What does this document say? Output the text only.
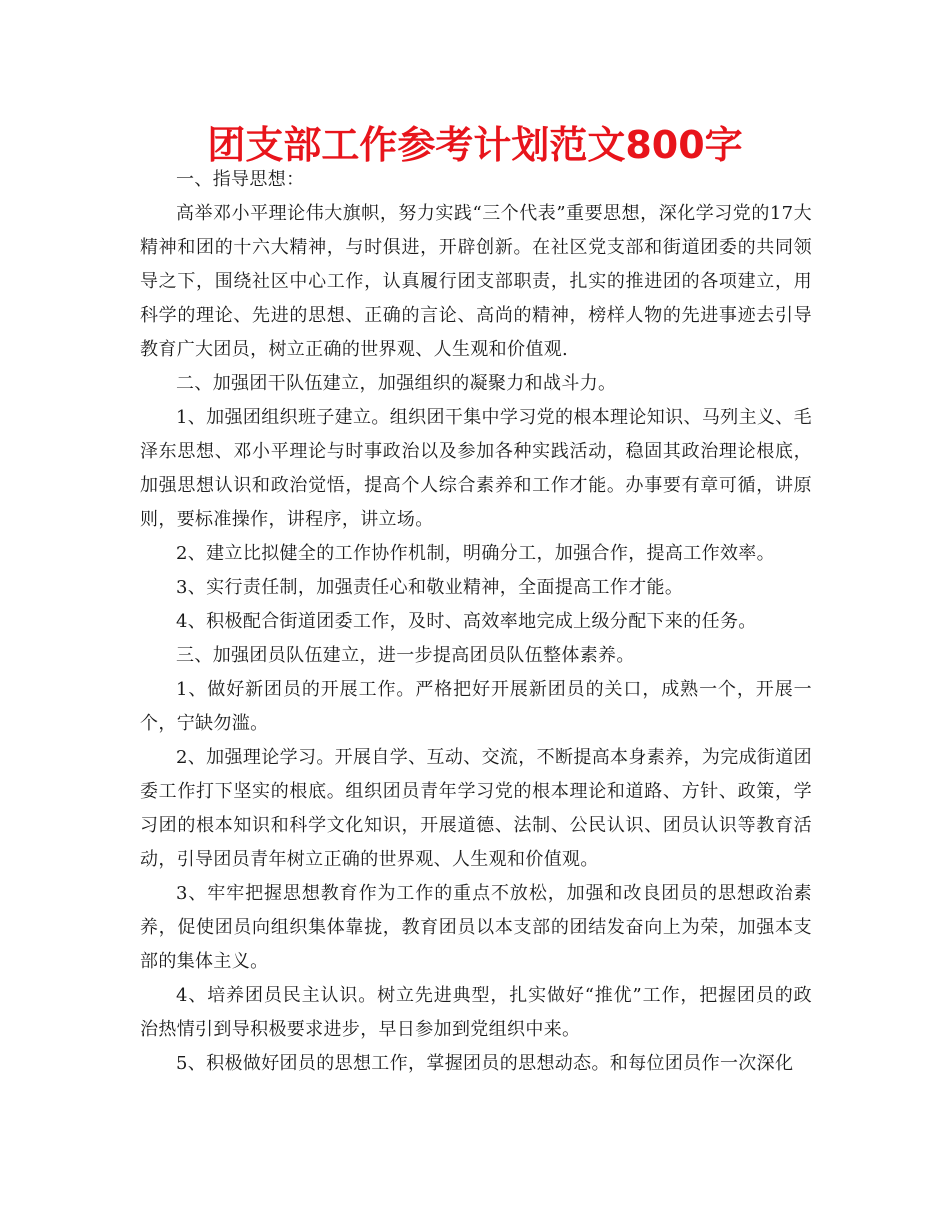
团支部工作参考计划范文800字

一、指导思想：

高举邓小平理论伟大旗帜，努力实践“三个代表”重要思想，深化学习党的17大精神和团的十六大精神，与时俱进，开辟创新。在社区党支部和街道团委的共同领导之下，围绕社区中心工作，认真履行团支部职责，扎实的推进团的各项建立，用科学的理论、先进的思想、正确的言论、高尚的精神，榜样人物的先进事迹去引导教育广大团员，树立正确的世界观、人生观和价值观.

二、加强团干队伍建立，加强组织的凝聚力和战斗力。

1、加强团组织班子建立。组织团干集中学习党的根本理论知识、马列主义、毛泽东思想、邓小平理论与时事政治以及参加各种实践活动，稳固其政治理论根底，加强思想认识和政治觉悟，提高个人综合素养和工作才能。办事要有章可循，讲原则，要标准操作，讲程序，讲立场。

2、建立比拟健全的工作协作机制，明确分工，加强合作，提高工作效率。

3、实行责任制，加强责任心和敬业精神，全面提高工作才能。

4、积极配合街道团委工作，及时、高效率地完成上级分配下来的任务。

三、加强团员队伍建立，进一步提高团员队伍整体素养。

1、做好新团员的开展工作。严格把好开展新团员的关口，成熟一个，开展一个，宁缺勿滥。

2、加强理论学习。开展自学、互动、交流，不断提高本身素养，为完成街道团委工作打下坚实的根底。组织团员青年学习党的根本理论和道路、方针、政策，学习团的根本知识和科学文化知识，开展道德、法制、公民认识、团员认识等教育活动，引导团员青年树立正确的世界观、人生观和价值观。

3、牢牢把握思想教育作为工作的重点不放松，加强和改良团员的思想政治素养，促使团员向组织集体靠拢，教育团员以本支部的团结发奋向上为荣，加强本支部的集体主义。

4、培养团员民主认识。树立先进典型，扎实做好“推优”工作，把握团员的政治热情引到导积极要求进步，早日参加到党组织中来。

5、积极做好团员的思想工作，掌握团员的思想动态。和每位团员作一次深化
